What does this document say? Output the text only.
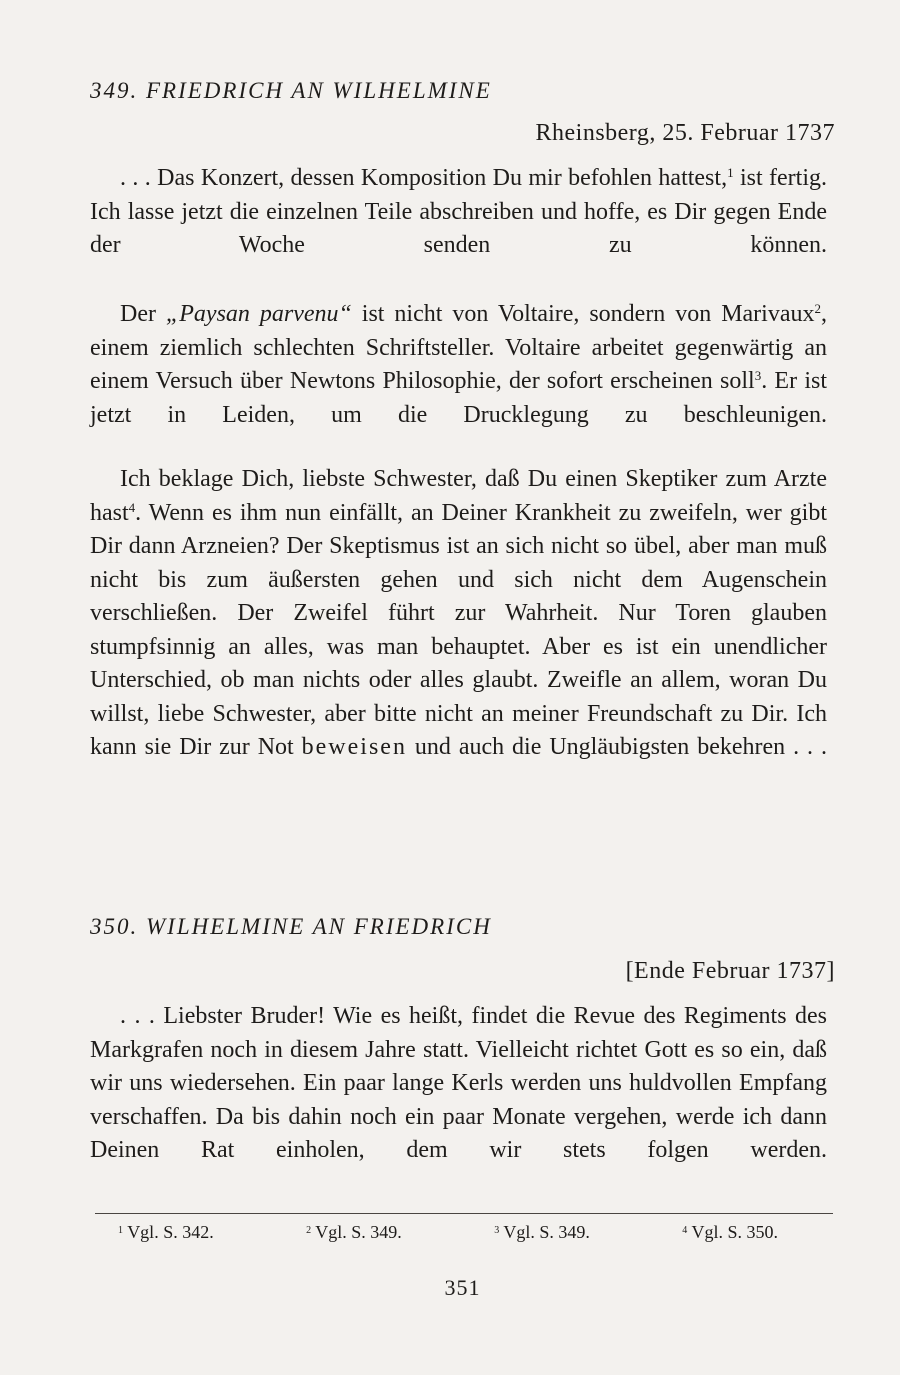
349. FRIEDRICH AN WILHELMINE
Rheinsberg, 25. Februar 1737
. . . Das Konzert, dessen Komposition Du mir befohlen hattest,$^1$ ist fertig. Ich lasse jetzt die einzelnen Teile abschreiben und hoffe, es Dir gegen Ende der Woche senden zu können.
Der „Paysan parvenu“ ist nicht von Voltaire, sondern von Marivaux$^2$, einem ziemlich schlechten Schriftsteller. Voltaire arbeitet gegenwärtig an einem Versuch über Newtons Philosophie, der sofort erscheinen soll$^3$. Er ist jetzt in Leiden, um die Drucklegung zu beschleunigen.
Ich beklage Dich, liebste Schwester, daß Du einen Skeptiker zum Arzte hast$^4$. Wenn es ihm nun einfällt, an Deiner Krankheit zu zweifeln, wer gibt Dir dann Arzneien? Der Skeptismus ist an sich nicht so übel, aber man muß nicht bis zum äußersten gehen und sich nicht dem Augenschein verschließen. Der Zweifel führt zur Wahrheit. Nur Toren glauben stumpfsinnig an alles, was man behauptet. Aber es ist ein unendlicher Unterschied, ob man nichts oder alles glaubt. Zweifle an allem, woran Du willst, liebe Schwester, aber bitte nicht an meiner Freundschaft zu Dir. Ich kann sie Dir zur Not beweisen und auch die Ungläubigsten bekehren . . .
350. WILHELMINE AN FRIEDRICH
[Ende Februar 1737]
. . . Liebster Bruder! Wie es heißt, findet die Revue des Regiments des Markgrafen noch in diesem Jahre statt. Vielleicht richtet Gott es so ein, daß wir uns wiedersehen. Ein paar lange Kerls werden uns huldvollen Empfang verschaffen. Da bis dahin noch ein paar Monate vergehen, werde ich dann Deinen Rat einholen, dem wir stets folgen werden.
$^1$ Vgl. S. 342.	$^2$ Vgl. S. 349.	$^3$ Vgl. S. 349.	$^4$ Vgl. S. 350.
351
